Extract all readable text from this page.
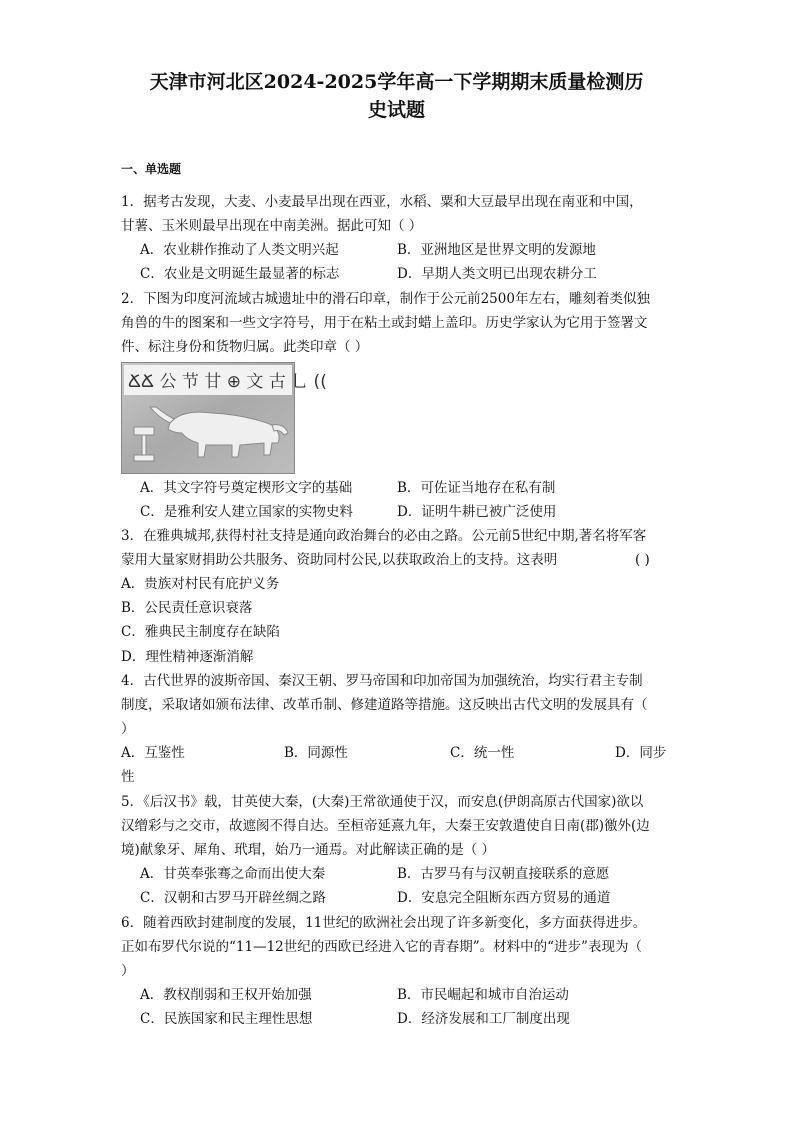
天津市河北区2024-2025学年高一下学期期末质量检测历
史试题
一、单选题
1．据考古发现，大麦、小麦最早出现在西亚，水稻、粟和大豆最早出现在南亚和中国，
甘薯、玉米则最早出现在中南美洲。据此可知（ ）
A．农业耕作推动了人类文明兴起	B．亚洲地区是世界文明的发源地
C．农业是文明诞生最显著的标志	D．早期人类文明已出现农耕分工
2．下图为印度河流域古城遗址中的滑石印章，制作于公元前2500年左右，雕刻着类似独
角兽的牛的图案和一些文字符号，用于在粘土或封蜡上盖印。历史学家认为它用于签署文
件、标注身份和货物归属。此类印章（ ）
ՃՃ 公 节 甘 ⊕ 文 古 乚 ((
A．其文字符号奠定楔形文字的基础	B．可佐证当地存在私有制
C．是雅利安人建立国家的实物史料	D．证明牛耕已被广泛使用
3．在雅典城邦,获得村社支持是通向政治舞台的必由之路。公元前5世纪中期,著名将军客
蒙用大量家财捐助公共服务、资助同村公民,以获取政治上的支持。这表明	( )
A．贵族对村民有庇护义务
B．公民责任意识衰落
C．雅典民主制度存在缺陷
D．理性精神逐渐消解
4．古代世界的波斯帝国、秦汉王朝、罗马帝国和印加帝国为加强统治，均实行君主专制
制度，采取诸如颁布法律、改革币制、修建道路等措施。这反映出古代文明的发展具有（
）
A．互鉴性	B．同源性	C．统一性	D．同步
性
5．《后汉书》载，甘英使大秦，(大秦)王常欲通使于汉，而安息(伊朗高原古代国家)欲以
汉缯彩与之交市，故遮阂不得自达。至桓帝延熹九年，大秦王安敦遣使自日南(郡)徼外(边
境)献象牙、犀角、玳瑁，始乃一通焉。对此解读正确的是（ ）
A．甘英奉张骞之命而出使大秦	B．古罗马有与汉朝直接联系的意愿
C．汉朝和古罗马开辟丝绸之路	D．安息完全阻断东西方贸易的通道
6．随着西欧封建制度的发展，11世纪的欧洲社会出现了许多新变化，多方面获得进步。
正如布罗代尔说的“11—12世纪的西欧已经进入它的青春期”。材料中的“进步”表现为（
）
A．教权削弱和王权开始加强	B．市民崛起和城市自治运动
C．民族国家和民主理性思想	D．经济发展和工厂制度出现
